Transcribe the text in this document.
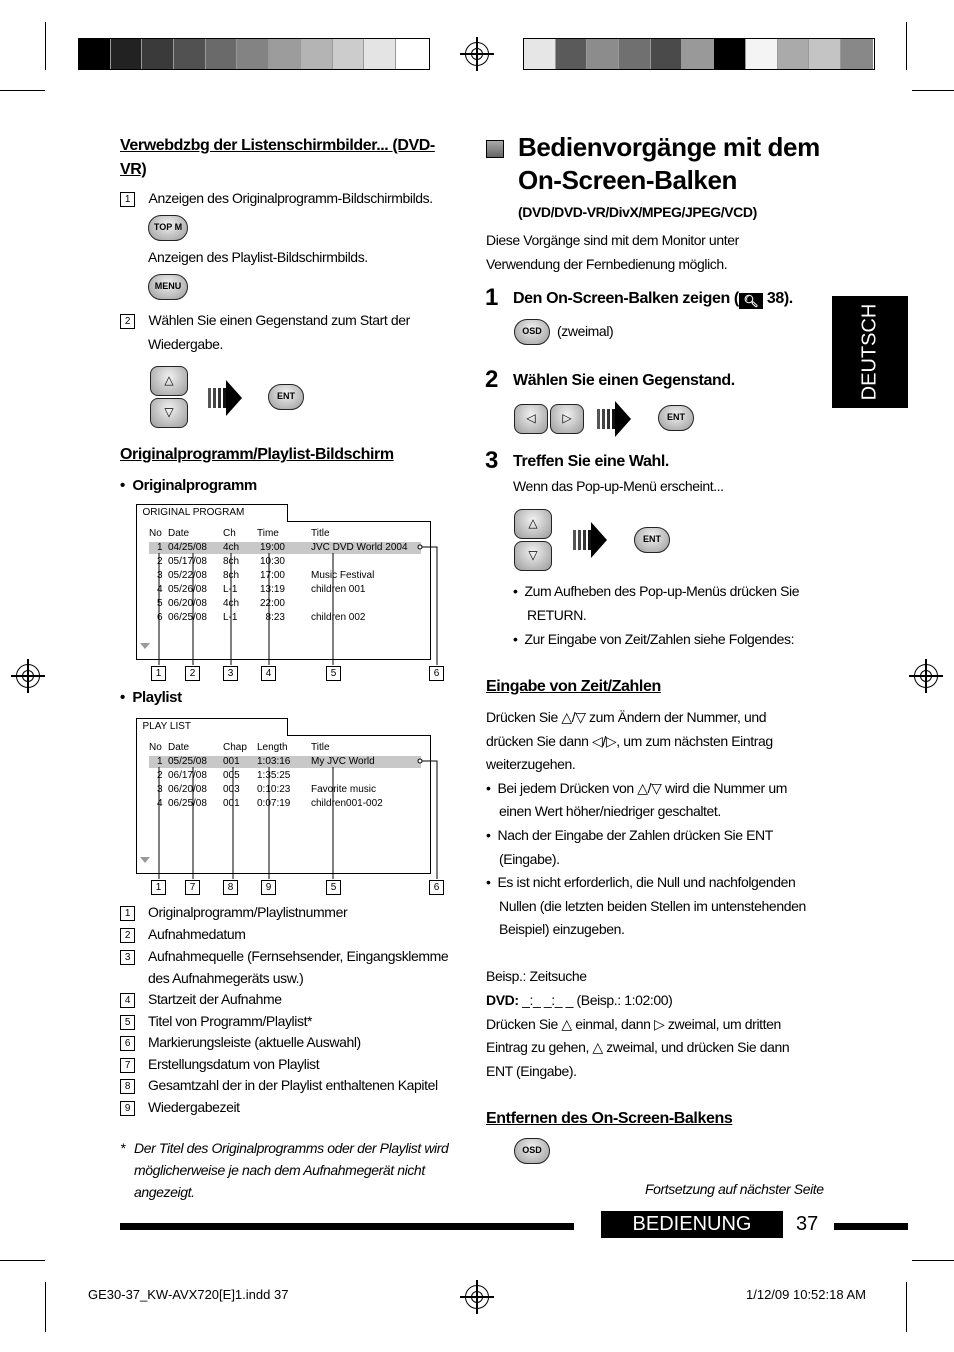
Verwebdzbg der Listenschirmbilder... (DVD-VR)
1 Anzeigen des Originalprogramm-Bildschirmbilds.
TOP M
Anzeigen des Playlist-Bildschirmbilds.
MENU
2 Wählen Sie einen Gegenstand zum Start der
Wiedergabe.
△
▽
ENT
Originalprogramm/Playlist-Bildschirm
•  Originalprogramm
ORIGINAL PROGRAM
No Date	Ch Time	Title
1 04/25/08 4ch 19:00	JVC DVD World 2004
2 05/17/08 8ch 10:30
3 05/22/08 8ch 17:00	Music Festival
4 05/26/08 L-1 13:19	children 001
5 06/20/08 4ch 22:00
6 06/25/08 L-1	8:23	children 002
1	2	3	4	5	6
•  Playlist
PLAY LIST
No Date	Chap Length Title
1 05/25/08 001 1:03:16 My JVC World
2 06/17/08 005 1:35:25
3 06/20/08 003 0:10:23 Favorite music
4 06/25/08 001 0:07:19 children001-002
1	7	8	9	5	6
1 Originalprogramm/Playlistnummer
2 Aufnahmedatum
3 Aufnahmequelle (Fernsehsender, Eingangsklemme
des Aufnahmegeräts usw.)
4 Startzeit der Aufnahme
5 Titel von Programm/Playlist*
6 Markierungsleiste (aktuelle Auswahl)
7 Erstellungsdatum von Playlist
8 Gesamtzahl der in der Playlist enthaltenen Kapitel
9 Wiedergabezeit
* Der Titel des Originalprogramms oder der Playlist wird
möglicherweise je nach dem Aufnahmegerät nicht
angezeigt.
Bedienvorgänge mit dem
On-Screen-Balken
(DVD/DVD-VR/DivX/MPEG/JPEG/VCD)
Diese Vorgänge sind mit dem Monitor unter
Verwendung der Fernbedienung möglich.
1 Den On-Screen-Balken zeigen ( 🔍︎ 38).
OSD	(zweimal)
2 Wählen Sie einen Gegenstand.
◁	▷	ENT
3 Treffen Sie eine Wahl.
Wenn das Pop-up-Menü erscheint...
△
▽
ENT
•  Zum Aufheben des Pop-up-Menüs drücken Sie
RETURN.
•  Zur Eingabe von Zeit/Zahlen siehe Folgendes:
Eingabe von Zeit/Zahlen
Drücken Sie △/▽ zum Ändern der Nummer, und
drücken Sie dann ◁/▷, um zum nächsten Eintrag
weiterzugehen.
•  Bei jedem Drücken von △/▽ wird die Nummer um
einen Wert höher/niedriger geschaltet.
•  Nach der Eingabe der Zahlen drücken Sie ENT
(Eingabe).
•  Es ist nicht erforderlich, die Null und nachfolgenden
Nullen (die letzten beiden Stellen im untenstehenden
Beispiel) einzugeben.
Beisp.: Zeitsuche
DVD: _:_ _:_ _ (Beisp.: 1:02:00)
Drücken Sie △ einmal, dann ▷ zweimal, um dritten
Eintrag zu gehen, △ zweimal, und drücken Sie dann
ENT (Eingabe).
Entfernen des On-Screen-Balkens
OSD
Fortsetzung auf nächster Seite
DEUTSCH
BEDIENUNG	37
GE30-37_KW-AVX720[E]1.indd 37	1/12/09 10:52:18 AM
